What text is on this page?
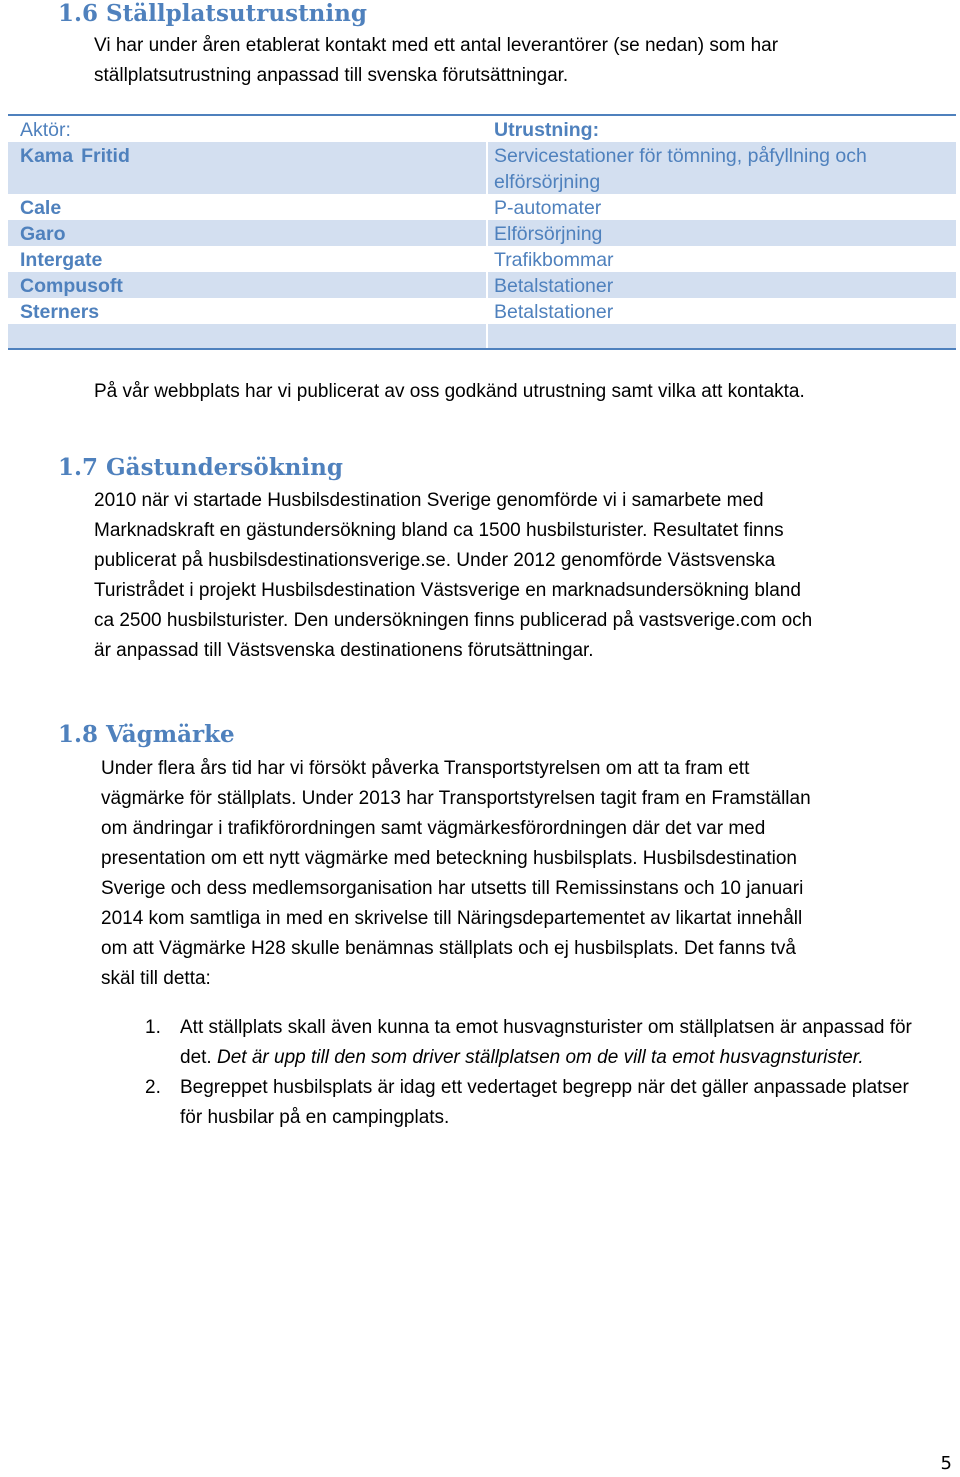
1.6 Ställplatsutrustning

Vi har under åren etablerat kontakt med ett antal leverantörer (se nedan) som har
ställplatsutrustning anpassad till svenska förutsättningar.

Aktör:	Utrustning:
Kama Fritid	Servicestationer för tömning, påfyllning och elförsörjning
Cale	P-automater
Garo	Elförsörjning
Intergate	Trafikbommar
Compusoft	Betalstationer
Sterners	Betalstationer

På vår webbplats har vi publicerat av oss godkänd utrustning samt vilka att kontakta.

1.7 Gästundersökning

2010 när vi startade Husbilsdestination Sverige genomförde vi i samarbete med
Marknadskraft en gästundersökning bland ca 1500 husbilsturister. Resultatet finns
publicerat på husbilsdestinationsverige.se. Under 2012 genomförde Västsvenska
Turistrådet i projekt Husbilsdestination Västsverige en marknadsundersökning bland
ca 2500 husbilsturister. Den undersökningen finns publicerad på vastsverige.com och
är anpassad till Västsvenska destinationens förutsättningar.

1.8 Vägmärke

Under flera års tid har vi försökt påverka Transportstyrelsen om att ta fram ett
vägmärke för ställplats. Under 2013 har Transportstyrelsen tagit fram en Framställan
om ändringar i trafikförordningen samt vägmärkesförordningen där det var med
presentation om ett nytt vägmärke med beteckning husbilsplats. Husbilsdestination
Sverige och dess medlemsorganisation har utsetts till Remissinstans och 10 januari
2014 kom samtliga in med en skrivelse till Näringsdepartementet av likartat innehåll
om att Vägmärke H28 skulle benämnas ställplats och ej husbilsplats. Det fanns två
skäl till detta:

1. Att ställplats skall även kunna ta emot husvagnsturister om ställplatsen är anpassad för det. Det är upp till den som driver ställplatsen om de vill ta emot husvagnsturister.
2. Begreppet husbilsplats är idag ett vedertaget begrepp när det gäller anpassade platser för husbilar på en campingplats.
5
